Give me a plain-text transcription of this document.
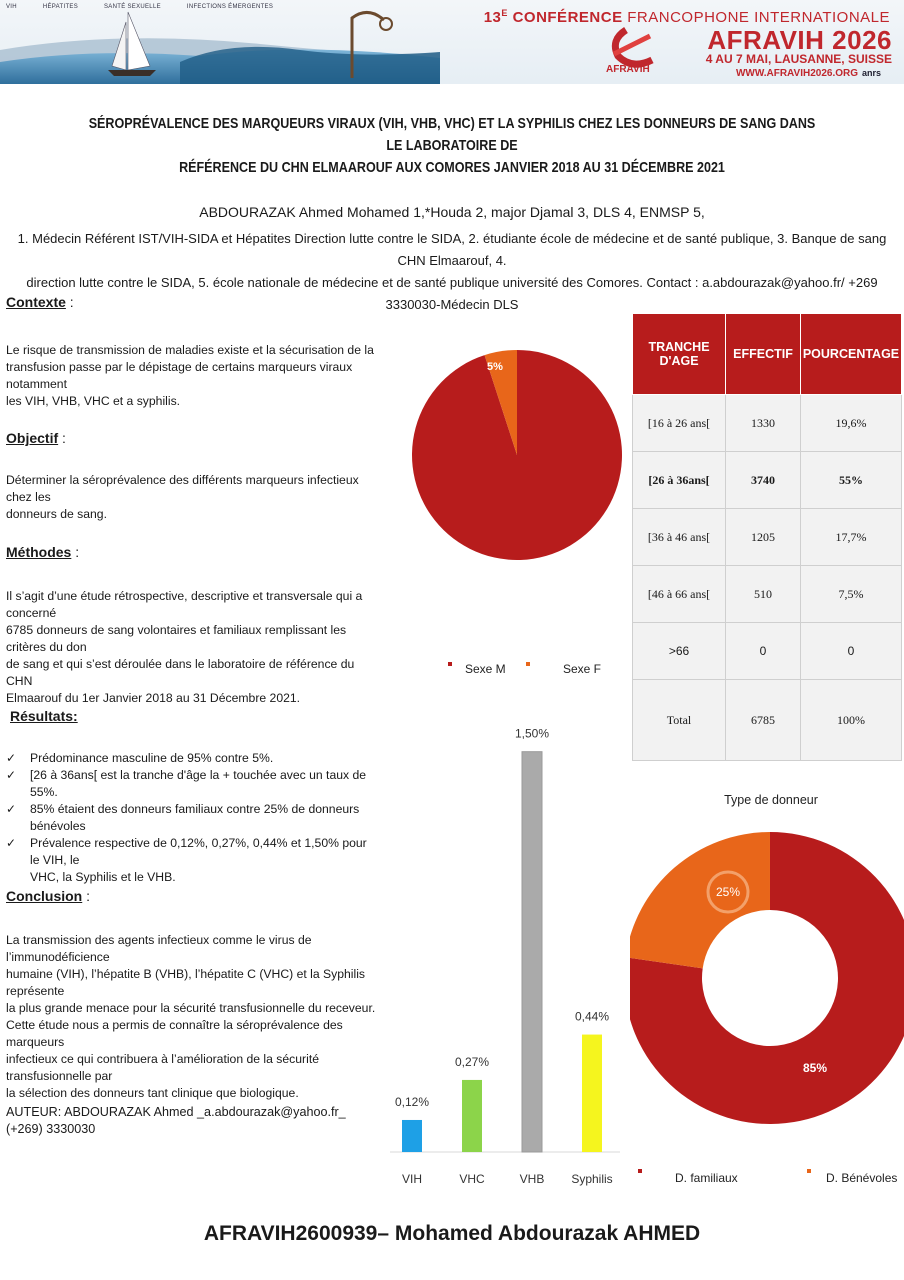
VIH	HÉPATITES	SANTÉ SEXUELLE	INFECTIONS ÉMERGENTES
$13^E$ CONFÉRENCE FRANCOPHONE INTERNATIONALE
AFRAVIH 2026
4 AU 7 MAI, LAUSANNE, SUISSE
WWW.AFRAVIH2026.ORG anrs
AFRAVIH
SÉROPRÉVALENCE DES MARQUEURS VIRAUX (VIH, VHB, VHC) ET LA SYPHILIS CHEZ LES DONNEURS DE SANG DANS LE LABORATOIRE DE
RÉFÉRENCE DU CHN ELMAAROUF AUX COMORES JANVIER 2018 AU 31 DÉCEMBRE 2021
ABDOURAZAK Ahmed Mohamed 1,*Houda 2, major Djamal 3, DLS 4, ENMSP 5,
1. Médecin Référent IST/VIH-SIDA et Hépatites Direction lutte contre le SIDA, 2. étudiante école de médecine et de santé publique, 3. Banque de sang CHN Elmaarouf, 4.
direction lutte contre le SIDA, 5. école nationale de médecine et de santé publique université des Comores. Contact : a.abdourazak@yahoo.fr/ +269 3330030-Médecin DLS
Contexte :
Le risque de transmission de maladies existe et la sécurisation de la
transfusion passe par le dépistage de certains marqueurs viraux notamment
les VIH, VHB, VHC et a syphilis.
Objectif :
Déterminer la séroprévalence des différents marqueurs infectieux chez les
donneurs de sang.
Méthodes :
Il s’agit d’une étude rétrospective, descriptive et transversale qui a concerné
6785 donneurs de sang volontaires et familiaux remplissant les critères du don
de sang et qui s’est déroulée dans le laboratoire de référence du CHN
Elmaarouf du 1er Janvier 2018 au 31 Décembre 2021.
Résultats:
✓ Prédominance masculine de 95% contre 5%.
✓ [26 à 36ans[ est la tranche d'âge la + touchée avec un taux de 55%.
✓ 85% étaient des donneurs familiaux contre 25% de donneurs bénévoles
✓ Prévalence respective de 0,12%, 0,27%, 0,44% et 1,50% pour le VIH, le
VHC, la Syphilis et le VHB.
Conclusion :
La transmission des agents infectieux comme le virus de l’immunodéficience
humaine (VIH), l’hépatite B (VHB), l’hépatite C (VHC) et la Syphilis représente
la plus grande menace pour la sécurité transfusionnelle du receveur.
Cette étude nous a permis de connaître la séroprévalence des marqueurs
infectieux ce qui contribuera à l’amélioration de la sécurité transfusionnelle par
la sélection des donneurs tant clinique que biologique.
AUTEUR: ABDOURAZAK Ahmed _a.abdourazak@yahoo.fr_ (+269) 3330030
95%
5%
Sexe M	Sexe F
TRANCHE D'AGE	EFFECTIF	POURCENTAGE
[16 à 26 ans[	1330	19,6%
[26 à 36ans[	3740	55%
[36 à 46 ans[	1205	17,7%
[46 à 66 ans[	510	7,5%
>66	0	0
Total	6785	100%
0,12%
VIH
0,27%
VHC
1,50%
VHB
0,44%
Syphilis
Type de donneur
85%
25%
D. familiaux	D. Bénévoles
AFRAVIH2600939– Mohamed Abdourazak AHMED
